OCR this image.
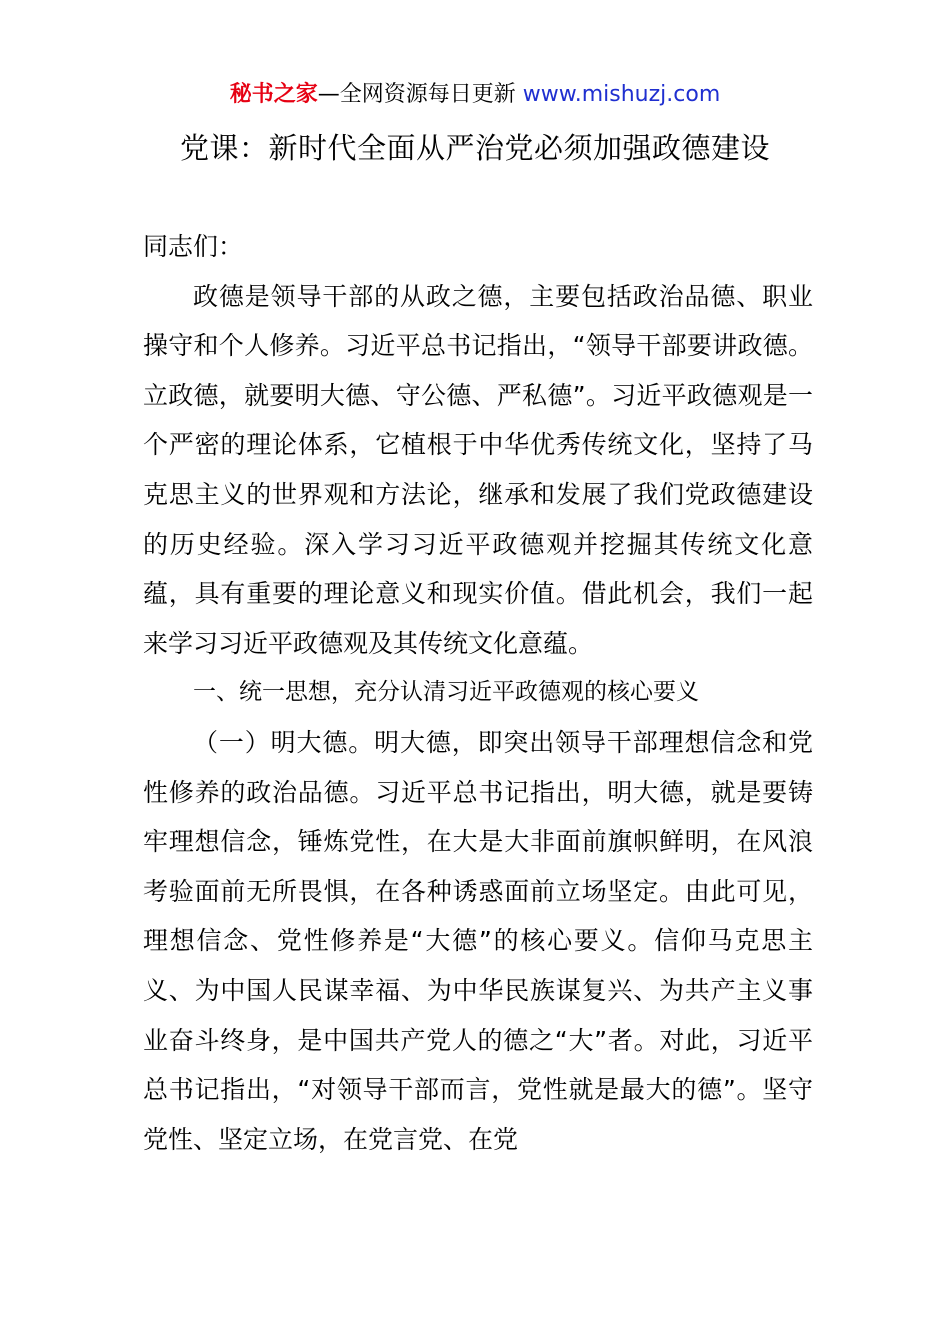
秘书之家—全网资源每日更新 www.mishuzj.com
党课：新时代全面从严治党必须加强政德建设

同志们：

政德是领导干部的从政之德，主要包括政治品德、职业操守和个人修养。习近平总书记指出，“领导干部要讲政德。立政德，就要明大德、守公德、严私德”。习近平政德观是一个严密的理论体系，它植根于中华优秀传统文化，坚持了马克思主义的世界观和方法论，继承和发展了我们党政德建设的历史经验。深入学习习近平政德观并挖掘其传统文化意蕴，具有重要的理论意义和现实价值。借此机会，我们一起来学习习近平政德观及其传统文化意蕴。

一、统一思想，充分认清习近平政德观的核心要义

（一）明大德。明大德，即突出领导干部理想信念和党性修养的政治品德。习近平总书记指出，明大德，就是要铸牢理想信念，锤炼党性，在大是大非面前旗帜鲜明，在风浪考验面前无所畏惧，在各种诱惑面前立场坚定。由此可见，理想信念、党性修养是“大德”的核心要义。信仰马克思主义、为中国人民谋幸福、为中华民族谋复兴、为共产主义事业奋斗终身，是中国共产党人的德之“大”者。对此，习近平总书记指出，“对领导干部而言，党性就是最大的德”。坚守党性、坚定立场，在党言党、在党
